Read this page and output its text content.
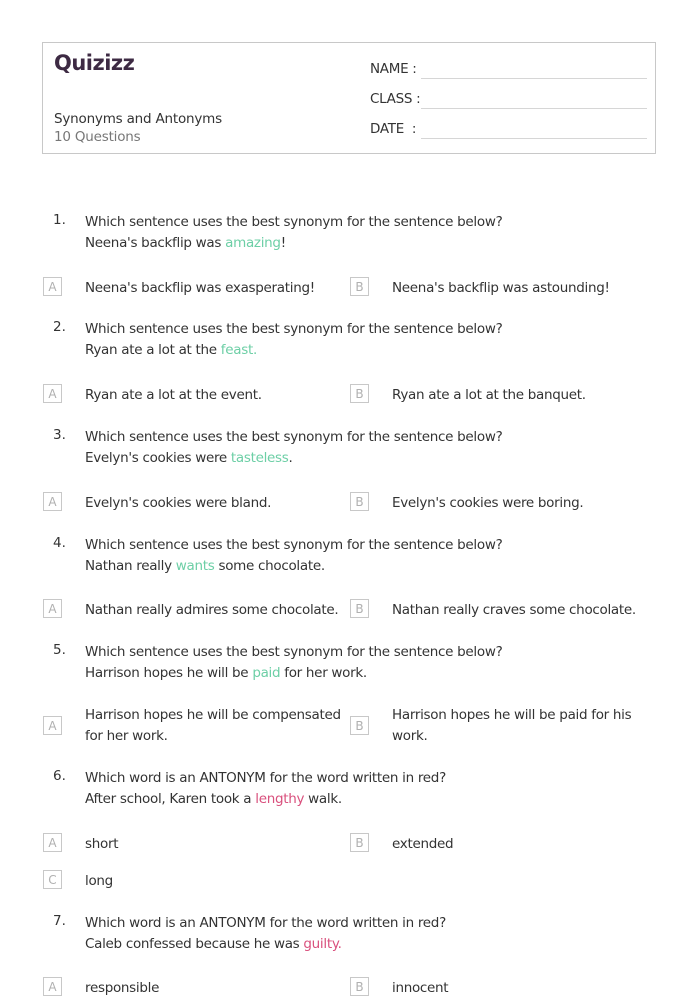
Quizizz
Synonyms and Antonyms
10 Questions
NAME :
CLASS :
DATE  :
1. Which sentence uses the best synonym for the sentence below?
Neena's backflip was amazing!
A	Neena's backflip was exasperating!	B	Neena's backflip was astounding!
2. Which sentence uses the best synonym for the sentence below?
Ryan ate a lot at the feast.
A	Ryan ate a lot at the event.	B	Ryan ate a lot at the banquet.
3. Which sentence uses the best synonym for the sentence below?
Evelyn's cookies were tasteless.
A	Evelyn's cookies were bland.	B	Evelyn's cookies were boring.
4. Which sentence uses the best synonym for the sentence below?
Nathan really wants some chocolate.
A	Nathan really admires some chocolate.	B	Nathan really craves some chocolate.
5. Which sentence uses the best synonym for the sentence below?
Harrison hopes he will be paid for her work.
A
Harrison hopes he will be compensated for her work.
B
Harrison hopes he will be paid for his work.
6. Which word is an ANTONYM for the word written in red?
After school, Karen took a lengthy walk.
A	short	B	extended
C	long
7. Which word is an ANTONYM for the word written in red?
Caleb confessed because he was guilty.
A	responsible	B	innocent
